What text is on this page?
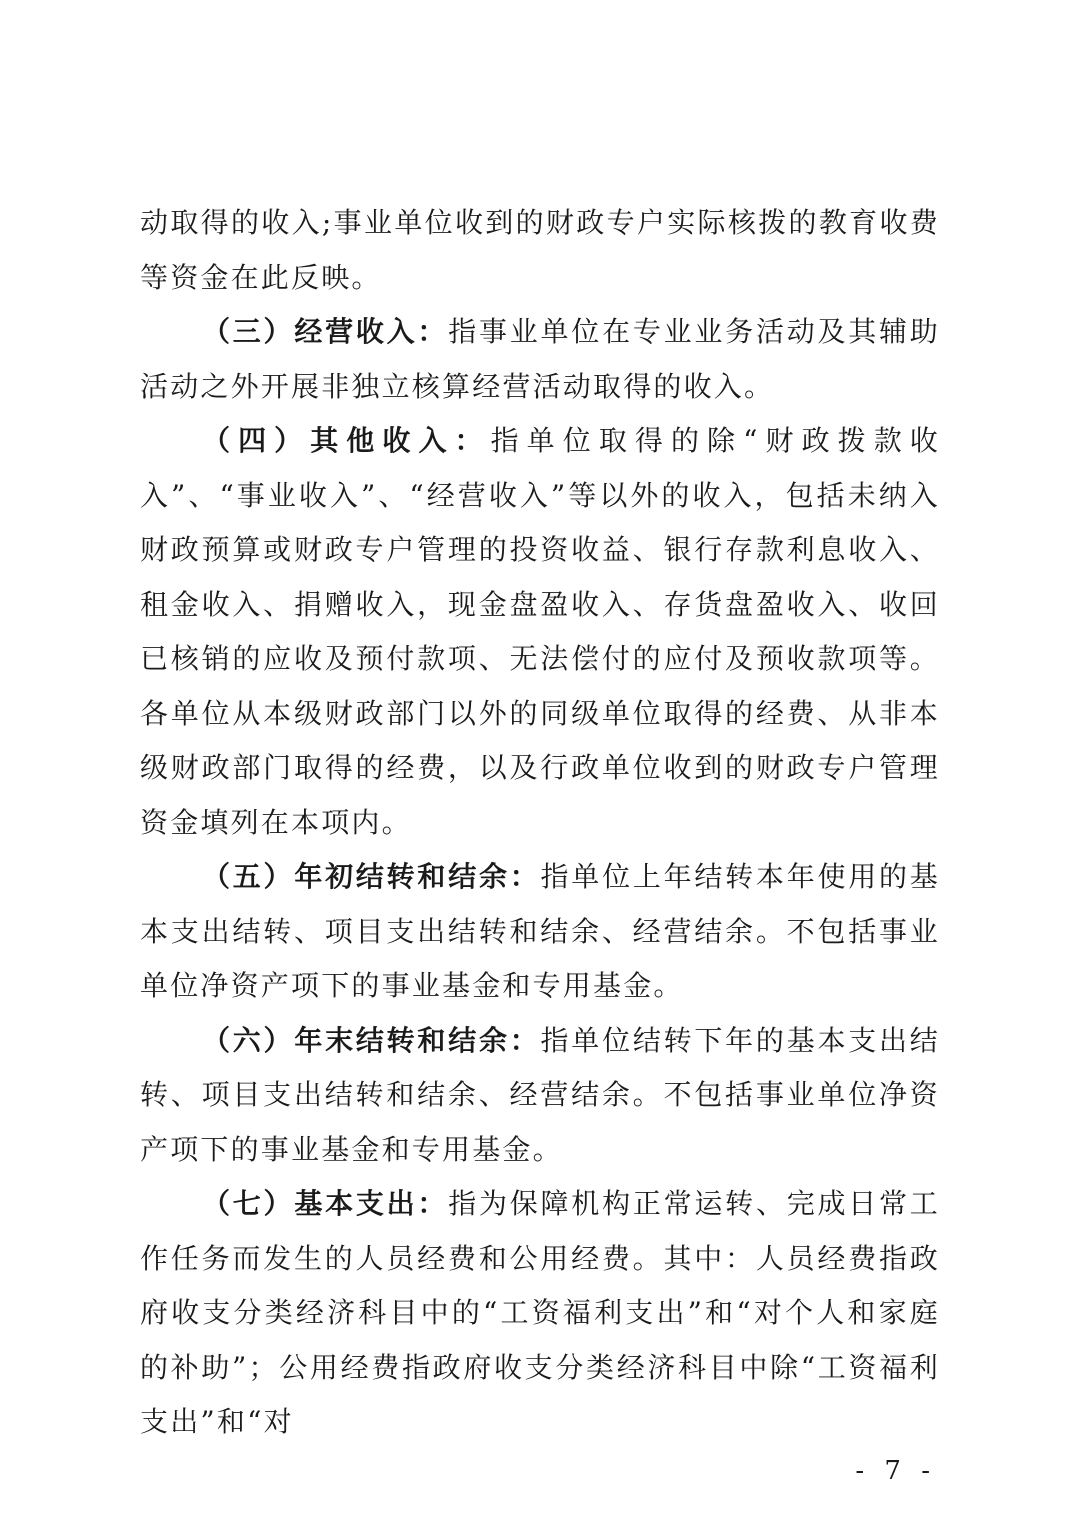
动取得的收入;事业单位收到的财政专户实际核拨的教育收费等资金在此反映。

（三）经营收入：指事业单位在专业业务活动及其辅助活动之外开展非独立核算经营活动取得的收入。

（四）其他收入：指单位取得的除“财政拨款收入”、“事业收入”、“经营收入”等以外的收入，包括未纳入财政预算或财政专户管理的投资收益、银行存款利息收入、租金收入、捐赠收入，现金盘盈收入、存货盘盈收入、收回已核销的应收及预付款项、无法偿付的应付及预收款项等。各单位从本级财政部门以外的同级单位取得的经费、从非本级财政部门取得的经费，以及行政单位收到的财政专户管理资金填列在本项内。

（五）年初结转和结余：指单位上年结转本年使用的基本支出结转、项目支出结转和结余、经营结余。不包括事业单位净资产项下的事业基金和专用基金。

（六）年末结转和结余：指单位结转下年的基本支出结转、项目支出结转和结余、经营结余。不包括事业单位净资产项下的事业基金和专用基金。

（七）基本支出：指为保障机构正常运转、完成日常工作任务而发生的人员经费和公用经费。其中：人员经费指政府收支分类经济科目中的“工资福利支出”和“对个人和家庭的补助”；公用经费指政府收支分类经济科目中除“工资福利支出”和“对

- 7 -
